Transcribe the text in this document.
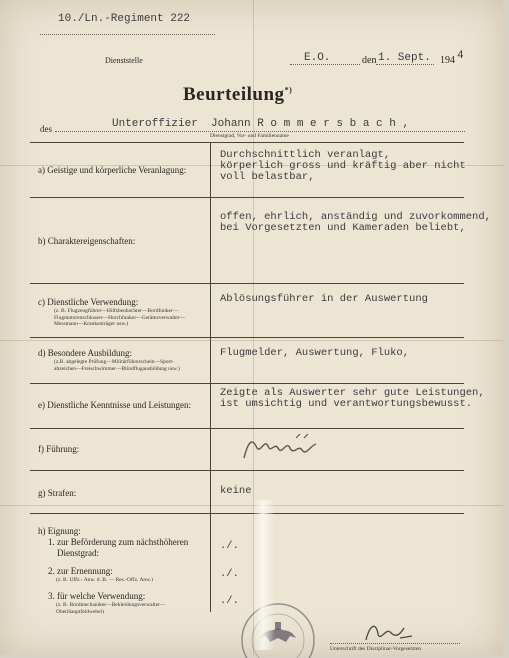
10./Ln.-Regiment 222
Dienststelle	E.O.	den 1. Sept. 194 4
Beurteilung*)
des	Unteroffizier  Johann R o m m e r s b a c h ,
Dienstgrad, Vor- und Familienname
a) Geistige und körperliche Veranlagung:
Durchschnittlich veranlagt,
körperlich gross und kräftig aber nicht
voll belastbar,
b) Charaktereigenschaften:
offen, ehrlich, anständig und zuvorkommend,
bei Vorgesetzten und Kameraden beliebt,
c) Dienstliche Verwendung:
(z. B. Flugzeugführer—Hilfsbeobachter—Bordfunker—
Flugmotorenschlosser—Horchfunker—Gerätezverwalter—
Messmann—Krankenträger usw.)
Ablösungsführer in der Auswertung
d) Besondere Ausbildung:
(z.B. abgelegte Prüfung—Militärführerschein—Sport-
abzeichen—Freischwimmer—Blindflugausbildung usw.)
Flugmelder, Auswertung, Fluko,
e) Dienstliche Kenntnisse und Leistungen:
Zeigte als Auswerter sehr gute Leistungen,
ist umsichtig und verantwortungsbewusst.
f) Führung:
g) Strafen:	keine
h) Eignung:
1. zur Beförderung zum nächsthöheren
Dienstgrad:
./.
2. zur Ernennung:
(z. B. Uffz.- Anw. d. B. — Res.-Offz. Anw.)	./.
3. für welche Verwendung:
(z. B. Bordmechaniker—Bekleidungsverwalter—
OberHauptfeldwebel)
./.
Unterschrift des Disziplinar-Vorgesetzten
